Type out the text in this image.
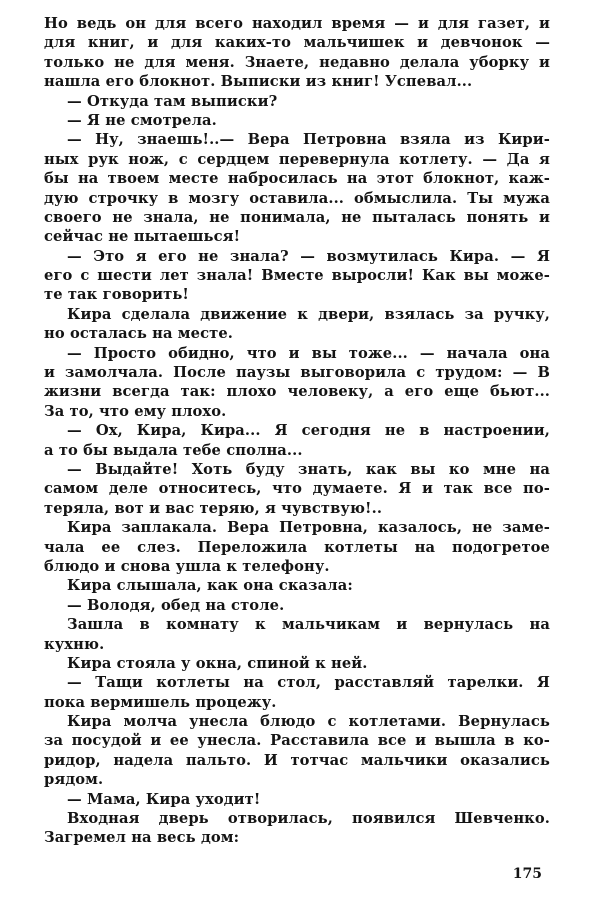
Но ведь он для всего находил время — и для газет, и
для книг, и для каких-то мальчишек и девчонок —
только не для меня. Знаете, недавно делала уборку и
нашла его блокнот. Выписки из книг! Успевал...
— Откуда там выписки?
— Я не смотрела.
— Ну, знаешь!..— Вера Петровна взяла из Кири-
ных рук нож, с сердцем перевернула котлету. — Да я
бы на твоем месте набросилась на этот блокнот, каж-
дую строчку в мозгу оставила... обмыслила. Ты мужа
своего не знала, не понимала, не пыталась понять и
сейчас не пытаешься!
— Это я его не знала? — возмутилась Кира. — Я
его с шести лет знала! Вместе выросли! Как вы може-
те так говорить!
Кира сделала движение к двери, взялась за ручку,
но осталась на месте.
— Просто обидно, что и вы тоже... — начала она
и замолчала. После паузы выговорила с трудом: — В
жизни всегда так: плохо человеку, а его еще бьют...
За то, что ему плохо.
— Ох, Кира, Кира... Я сегодня не в настроении,
а то бы выдала тебе сполна...
— Выдайте! Хоть буду знать, как вы ко мне на
самом деле относитесь, что думаете. Я и так все по-
теряла, вот и вас теряю, я чувствую!..
Кира заплакала. Вера Петровна, казалось, не заме-
чала ее слез. Переложила котлеты на подогретое
блюдо и снова ушла к телефону.
Кира слышала, как она сказала:
— Володя, обед на столе.
Зашла в комнату к мальчикам и вернулась на
кухню.
Кира стояла у окна, спиной к ней.
— Тащи котлеты на стол, расставляй тарелки. Я
пока вермишель процежу.
Кира молча унесла блюдо с котлетами. Вернулась
за посудой и ее унесла. Расставила все и вышла в ко-
ридор, надела пальто. И тотчас мальчики оказались
рядом.
— Мама, Кира уходит!
Входная дверь отворилась, появился Шевченко.
Загремел на весь дом:
175
